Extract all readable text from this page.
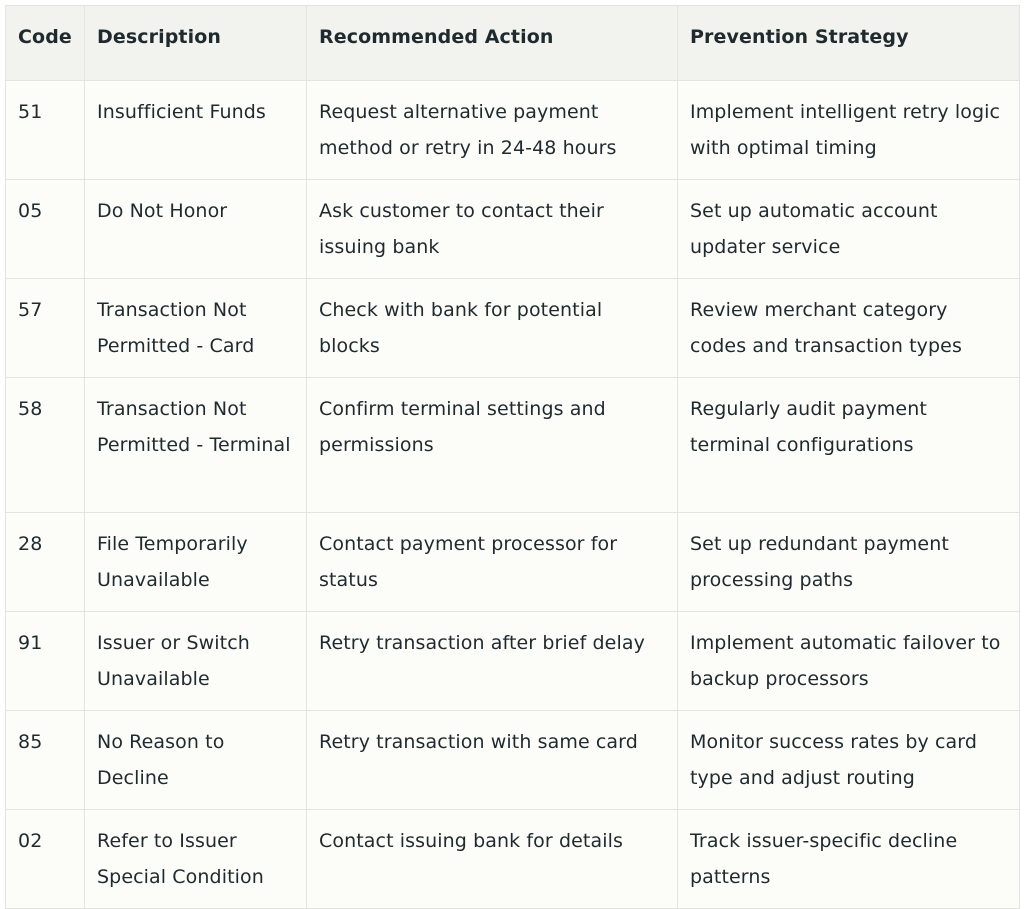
Code	Description	Recommended Action	Prevention Strategy
51	Insufficient Funds	Request alternative payment method or retry in 24-48 hours	Implement intelligent retry logic with optimal timing
05	Do Not Honor	Ask customer to contact their issuing bank	Set up automatic account updater service
57	Transaction Not Permitted - Card	Check with bank for potential blocks	Review merchant category codes and transaction types
58	Transaction Not Permitted - Terminal	Confirm terminal settings and permissions	Regularly audit payment terminal configurations
28	File Temporarily Unavailable	Contact payment processor for status	Set up redundant payment processing paths
91	Issuer or Switch Unavailable	Retry transaction after brief delay	Implement automatic failover to backup processors
85	No Reason to Decline	Retry transaction with same card	Monitor success rates by card type and adjust routing
02	Refer to Issuer Special Condition	Contact issuing bank for details	Track issuer-specific decline patterns
